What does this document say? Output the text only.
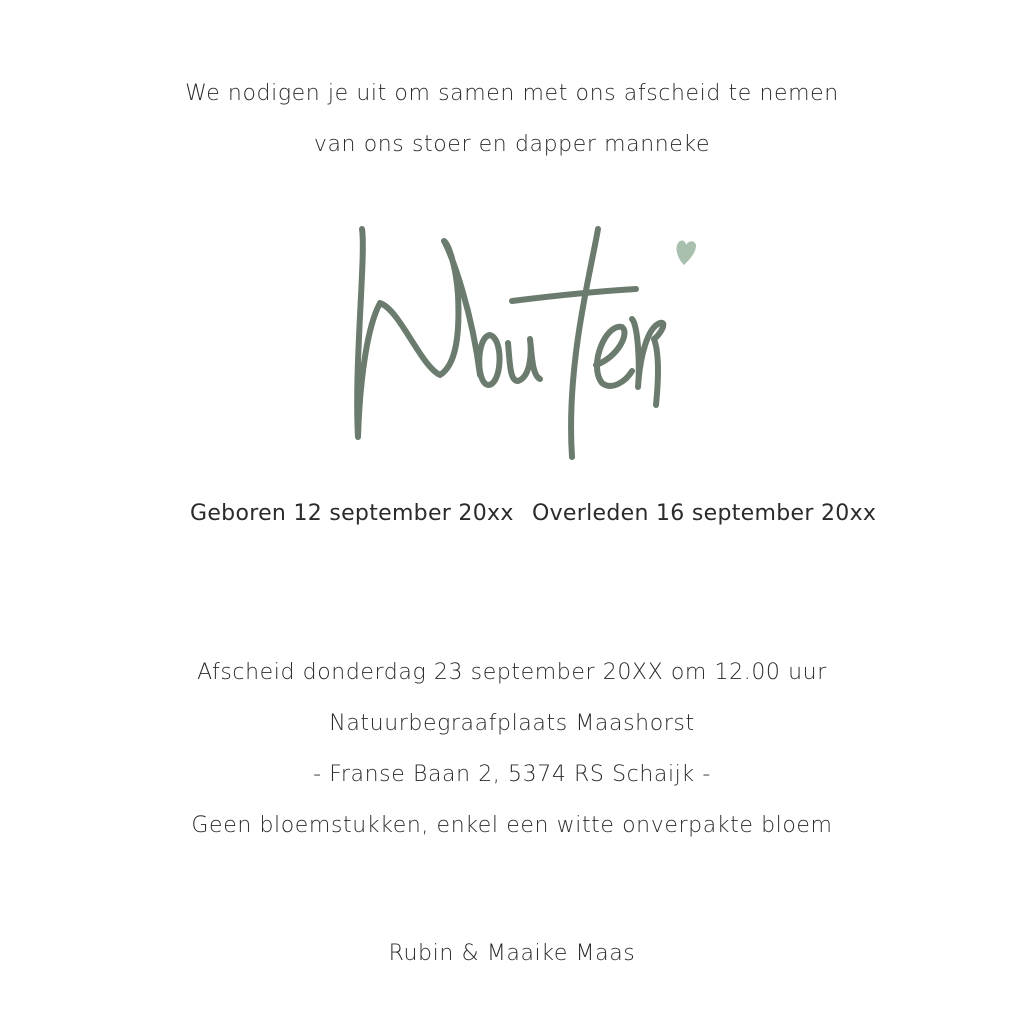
We nodigen je uit om samen met ons afscheid te nemen
van ons stoer en dapper manneke
Geboren 12 september 20xx Overleden 16 september 20xx
Afscheid donderdag 23 september 20XX om 12.00 uur
Natuurbegraafplaats Maashorst
- Franse Baan 2, 5374 RS Schaijk -
Geen bloemstukken, enkel een witte onverpakte bloem
Rubin & Maaike Maas
